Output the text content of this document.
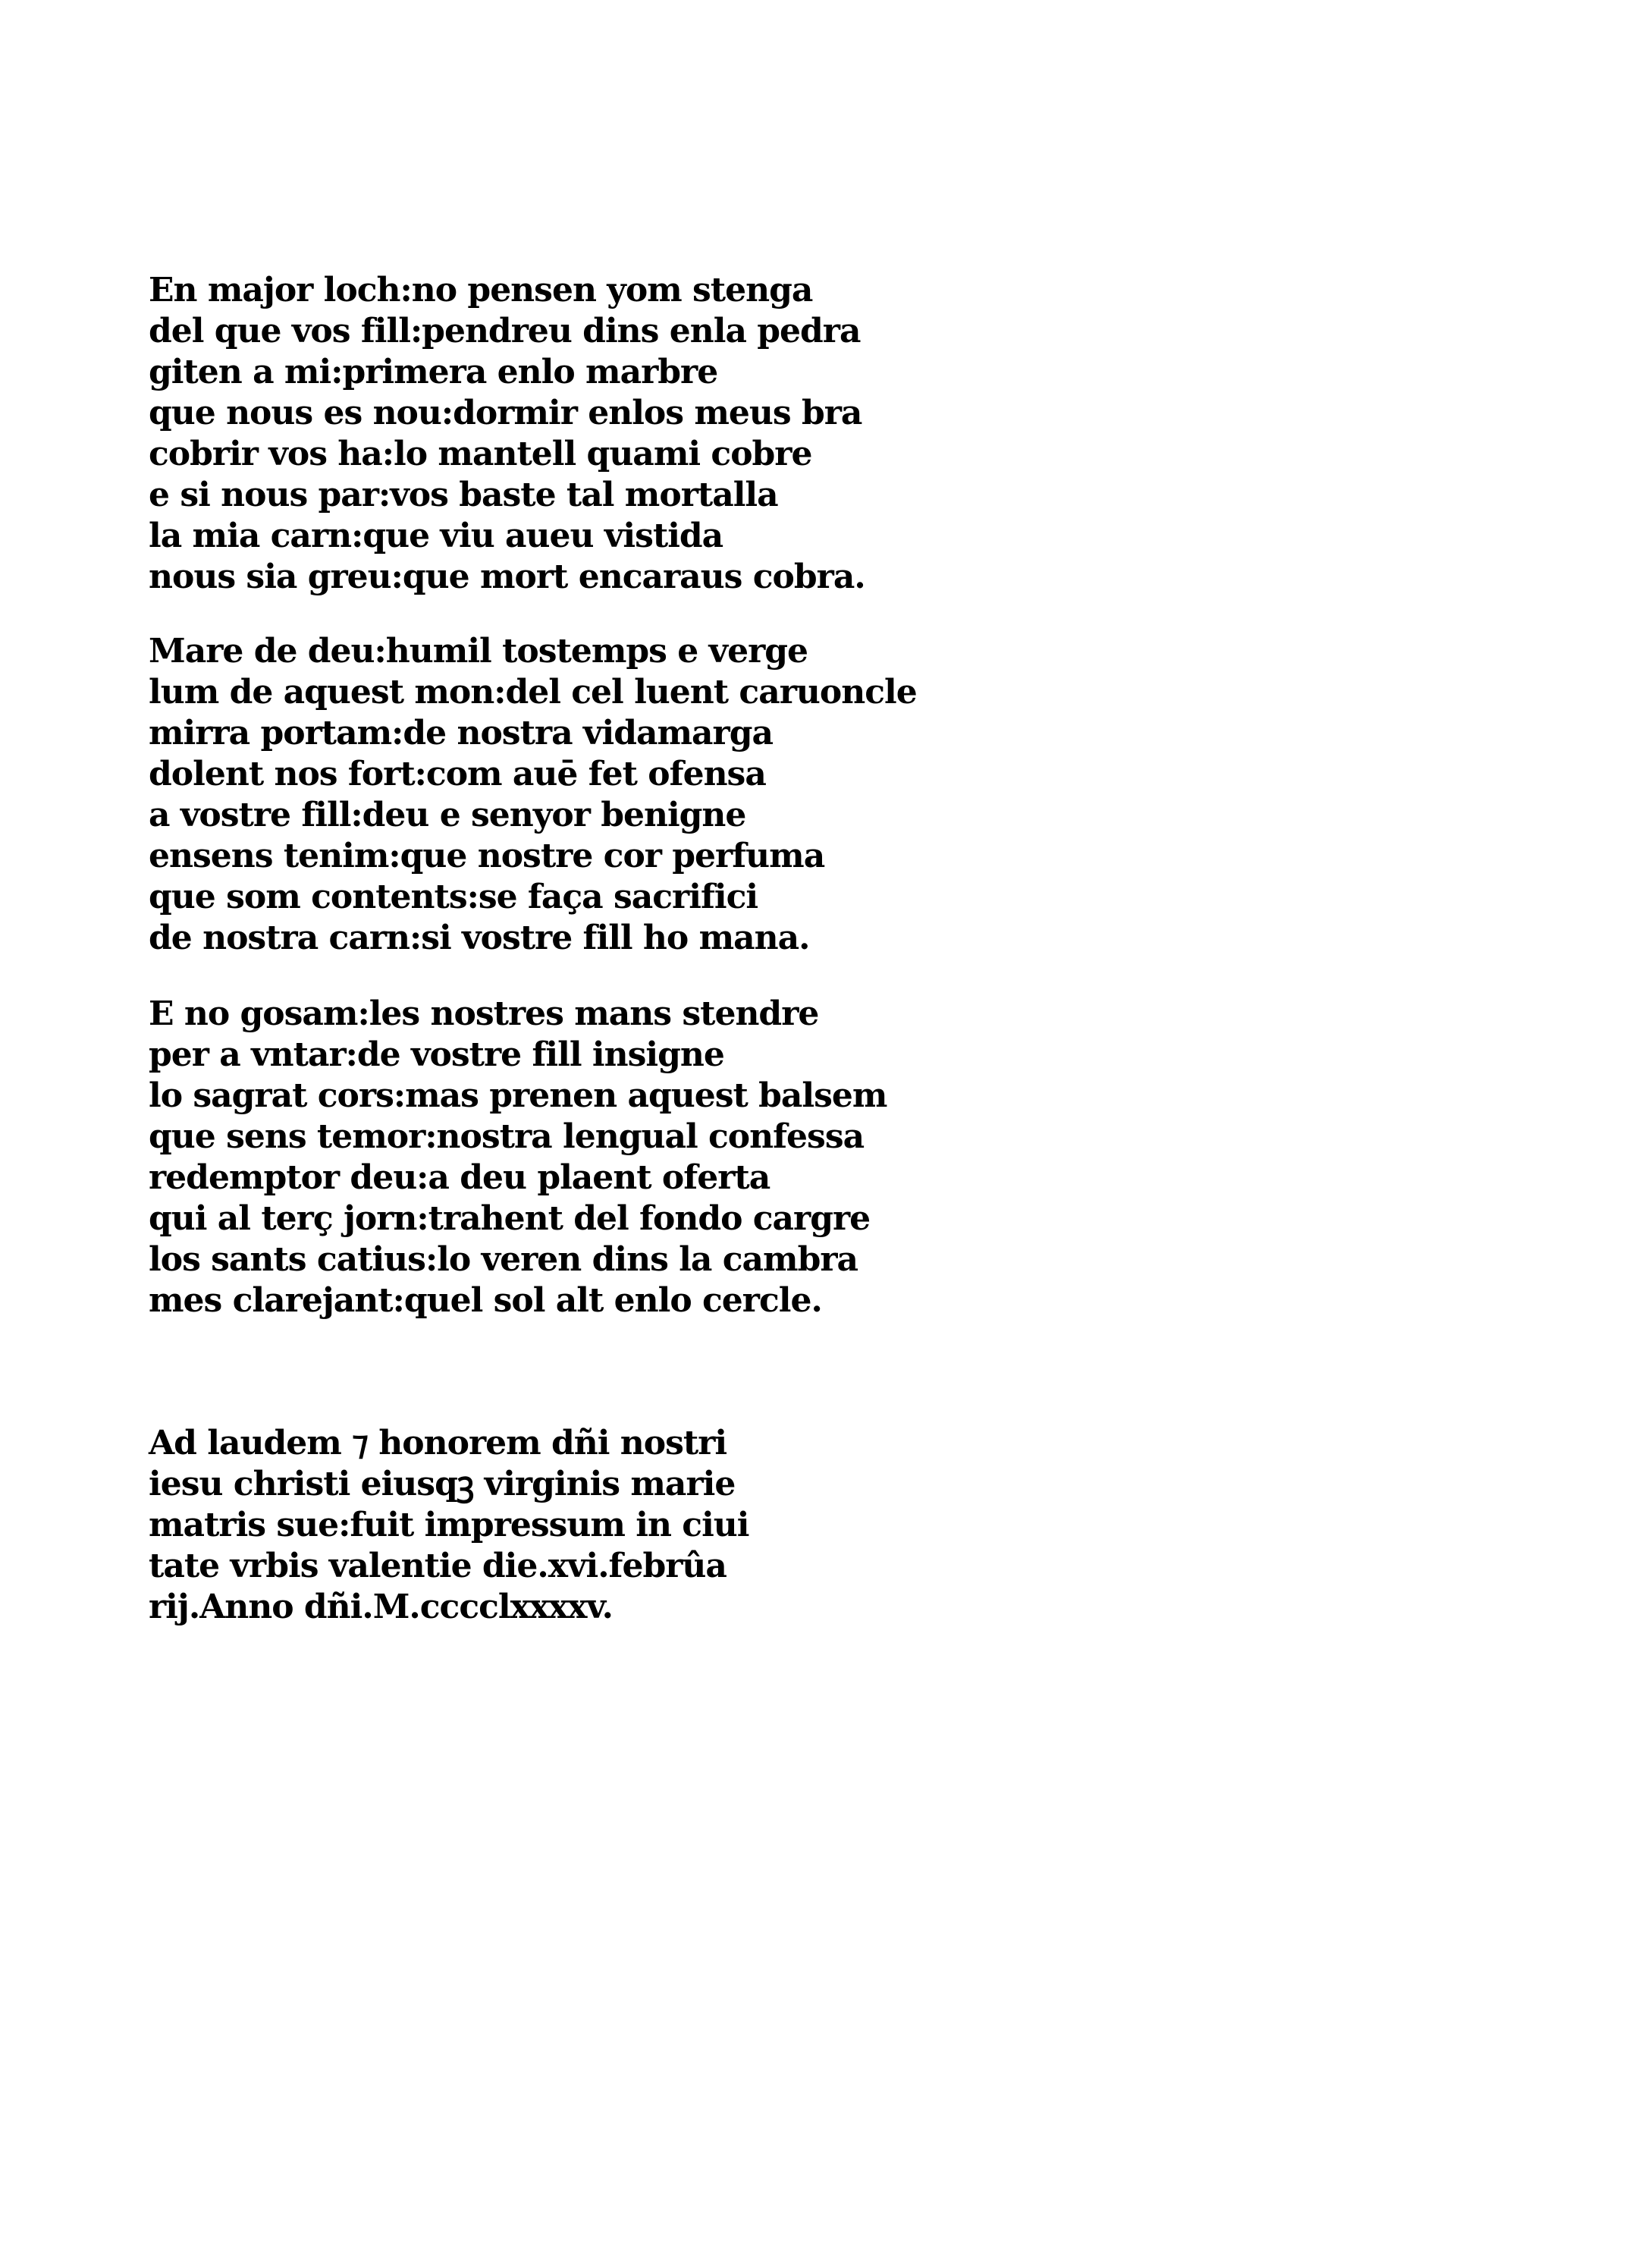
En major loch:no pensen yom stenga
del que vos fill:pendreu dins enla pedra
giten a mi:primera enlo marbre
que nous es nou:dormir enlos meus bra
cobrir vos ha:lo mantell quami cobre
e si nous par:vos baste tal mortalla
la mia carn:que viu aueu vistida
nous sia greu:que mort encaraus cobra.
Mare de deu:humil tostemps e verge
lum de aquest mon:del cel luent caruoncle
mirra portam:de nostra vidamarga
dolent nos fort:com auē fet ofensa
a vostre fill:deu e senyor benigne
ensens tenim:que nostre cor perfuma
que som contents:se faça sacrifici
de nostra carn:si vostre fill ho mana.
E no gosam:les nostres mans stendre
per a vntar:de vostre fill insigne
lo sagrat cors:mas prenen aquest balsem
que sens temor:nostra lengual confessa
redemptor deu:a deu plaent oferta
qui al terç jorn:trahent del fondo cargre
los sants catius:lo veren dins la cambra
mes clarejant:quel sol alt enlo cercle.
Ad laudem ⁊ honorem dñi nostri
iesu christi eiusqꝫ virginis marie
matris sue:fuit impressum in ciui
tate vrbis valentie die.xvi.febrûa
rij.Anno dñi.M.cccclxxxxv.
